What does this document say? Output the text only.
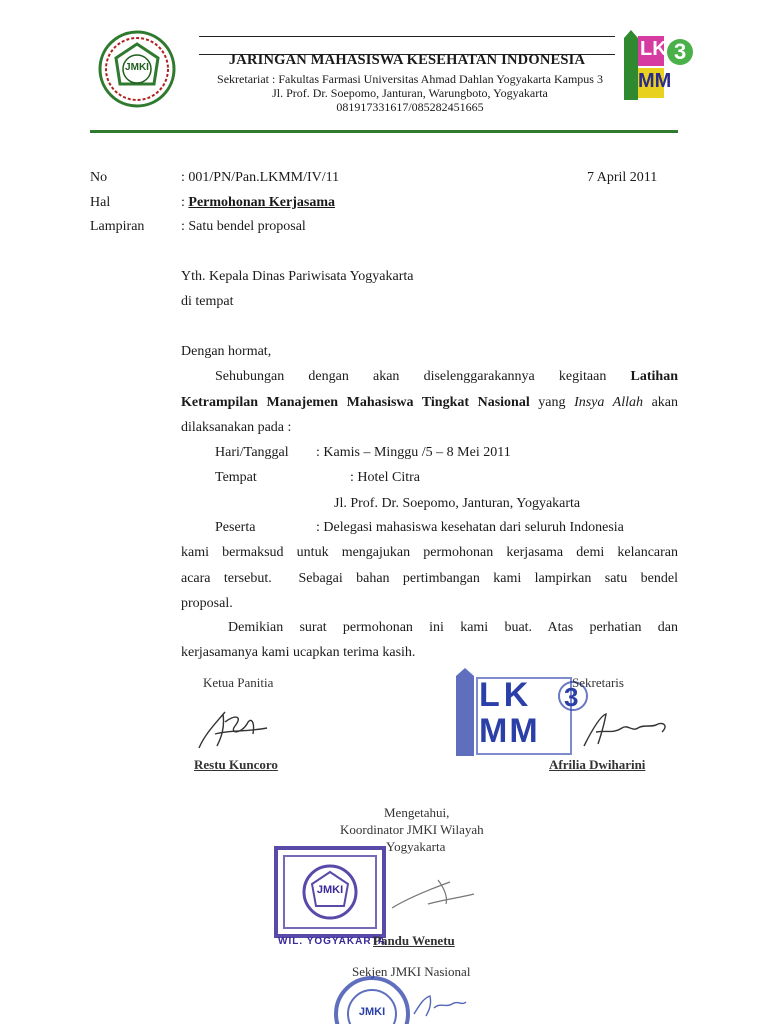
JMKI
LK
MM
3
JARINGAN MAHASISWA KESEHATAN INDONESIA
Sekretariat : Fakultas Farmasi Universitas Ahmad Dahlan Yogyakarta Kampus 3
Jl. Prof. Dr. Soepomo, Janturan, Warungboto, Yogyakarta
081917331617/085282451665
No	: 001/PN/Pan.LKMM/IV/11	7 April 2011
Hal	: Permohonan Kerjasama
Lampiran	: Satu bendel proposal
Yth. Kepala Dinas Pariwisata Yogyakarta
di tempat
Dengan hormat,
Sehubungan dengan akan diselenggarakannya kegitaan Latihan
Ketrampilan Manajemen Mahasiswa Tingkat Nasional yang Insya Allah akan
dilaksanakan pada :
Hari/Tanggal : Kamis – Minggu /5 – 8 Mei 2011
Tempat	: Hotel Citra
Jl. Prof. Dr. Soepomo, Janturan, Yogyakarta
Peserta	: Delegasi mahasiswa kesehatan dari seluruh Indonesia
kami bermaksud untuk mengajukan permohonan kerjasama demi kelancaran
acara tersebut.  Sebagai bahan pertimbangan kami lampirkan satu bendel
proposal.
Demikian surat permohonan ini kami buat. Atas perhatian dan
kerjasamanya kami ucapkan terima kasih.
Ketua Panitia
Restu Kuncoro
LK
MM
3
Sekretaris
Afrilia Dwiharini
Mengetahui,
Koordinator JMKI Wilayah
Yogyakarta
JMKI
WIL. YOGYAKARTA
Pandu Wenetu
Sekjen JMKI Nasional
JMKI
